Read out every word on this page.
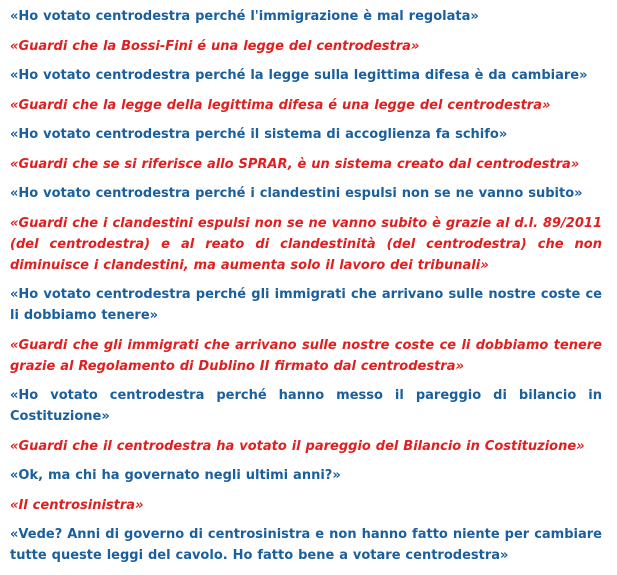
«Ho votato centrodestra perché l'immigrazione è mal regolata»

«Guardi che la Bossi-Fini é una legge del centrodestra»

«Ho votato centrodestra perché la legge sulla legittima difesa è da cambiare»

«Guardi che la legge della legittima difesa é una legge del centrodestra»

«Ho votato centrodestra perché il sistema di accoglienza fa schifo»

«Guardi che se si riferisce allo SPRAR, è un sistema creato dal centrodestra»

«Ho votato centrodestra perché i clandestini espulsi non se ne vanno subito»

«Guardi che i clandestini espulsi non se ne vanno subito è grazie al d.l. 89/2011 (del centrodestra) e al reato di clandestinità (del centrodestra) che non diminuisce i clandestini, ma aumenta solo il lavoro dei tribunali»

«Ho votato centrodestra perché gli immigrati che arrivano sulle nostre coste ce li dobbiamo tenere»

«Guardi che gli immigrati che arrivano sulle nostre coste ce li dobbiamo tenere grazie al Regolamento di Dublino II firmato dal centrodestra»

«Ho votato centrodestra perché hanno messo il pareggio di bilancio in Costituzione»

«Guardi che il centrodestra ha votato il pareggio del Bilancio in Costituzione»

«Ok, ma chi ha governato negli ultimi anni?»

«Il centrosinistra»

«Vede? Anni di governo di centrosinistra e non hanno fatto niente per cambiare tutte queste leggi del cavolo. Ho fatto bene a votare centrodestra»
